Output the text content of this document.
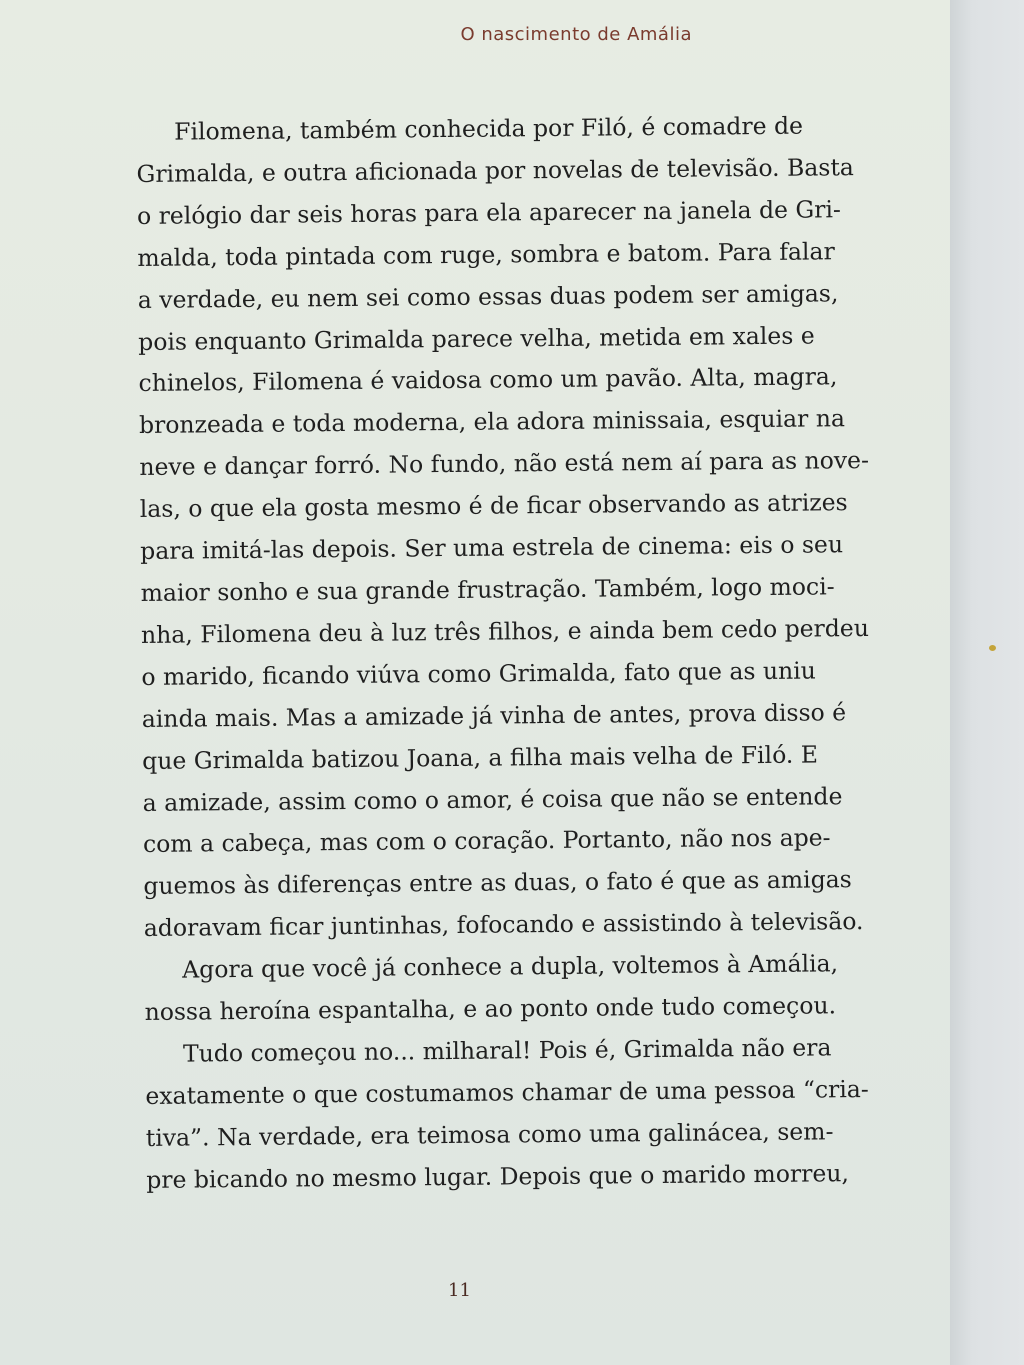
O nascimento de Amália
Filomena, também conhecida por Filó, é comadre de
Grimalda, e outra aficionada por novelas de televisão. Basta
o relógio dar seis horas para ela aparecer na janela de Gri-
malda, toda pintada com ruge, sombra e batom. Para falar
a verdade, eu nem sei como essas duas podem ser amigas,
pois enquanto Grimalda parece velha, metida em xales e
chinelos, Filomena é vaidosa como um pavão. Alta, magra,
bronzeada e toda moderna, ela adora minissaia, esquiar na
neve e dançar forró. No fundo, não está nem aí para as nove-
las, o que ela gosta mesmo é de ficar observando as atrizes
para imitá-las depois. Ser uma estrela de cinema: eis o seu
maior sonho e sua grande frustração. Também, logo moci-
nha, Filomena deu à luz três filhos, e ainda bem cedo perdeu
o marido, ficando viúva como Grimalda, fato que as uniu
ainda mais. Mas a amizade já vinha de antes, prova disso é
que Grimalda batizou Joana, a filha mais velha de Filó. E
a amizade, assim como o amor, é coisa que não se entende
com a cabeça, mas com o coração. Portanto, não nos ape-
guemos às diferenças entre as duas, o fato é que as amigas
adoravam ficar juntinhas, fofocando e assistindo à televisão.
Agora que você já conhece a dupla, voltemos à Amália,
nossa heroína espantalha, e ao ponto onde tudo começou.
Tudo começou no... milharal! Pois é, Grimalda não era
exatamente o que costumamos chamar de uma pessoa “cria-
tiva”. Na verdade, era teimosa como uma galinácea, sem-
pre bicando no mesmo lugar. Depois que o marido morreu,
11
